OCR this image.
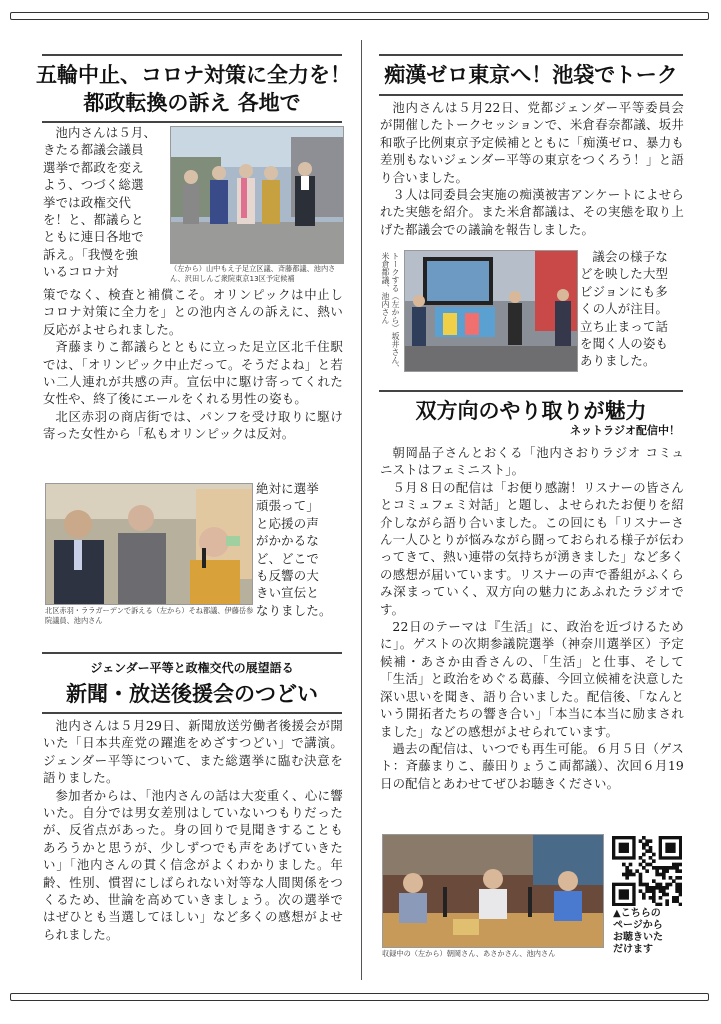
五輪中止、コロナ対策に全力を！
都政転換の訴え 各地で
池内さんは５月、
きたる都議会議員
選挙で都政を変え
よう、つづく総選
挙では政権交代
を！と、都議らと
ともに連日各地で
訴え。「我慢を強
いるコロナ対	（左から）山中もえ子足立区議、斉藤都議、池内さん、沢田しんご衆院東京13区予定候補

策でなく、検査と補償こそ。オリンピックは中止しコロナ対策に全力を」との池内さんの訴えに、熱い反応がよせられました。

斉藤まりこ都議らとともに立った足立区北千住駅では、「オリンピック中止だって。そうだよね」と若い二人連れが共感の声。宣伝中に駆け寄ってくれた女性や、終了後にエールをくれる男性の姿も。

北区赤羽の商店街では、パンフを受け取りに駆け寄った女性から「私もオリンピックは反対。

北区赤羽・ララガーデンで訴える（左から）そね都議、伊藤岳参院議員、池内さん
絶対に選挙
頑張って」
と応援の声
がかかるな
ど、どこで
も反響の大
きい宣伝と
なりました。
ジェンダー平等と政権交代の展望語る
新聞・放送後援会のつどい

池内さんは５月29日、新聞放送労働者後援会が開いた「日本共産党の躍進をめざすつどい」で講演。ジェンダー平等について、また総選挙に臨む決意を語りました。

参加者からは、「池内さんの話は大変重く、心に響いた。自分では男女差別はしていないつもりだったが、反省点があった。身の回りで見聞きすることもあろうかと思うが、少しずつでも声をあげていきたい」「池内さんの貫く信念がよくわかりました。年齢、性別、慣習にしばられない対等な人間関係をつくるため、世論を高めていきましょう。次の選挙ではぜひとも当選してほしい」など多くの感想がよせられました。

痴漢ゼロ東京へ！池袋でトーク

池内さんは５月22日、党都ジェンダー平等委員会が開催したトークセッションで、米倉春奈都議、坂井和歌子比例東京予定候補とともに「痴漢ゼロ、暴力も差別もないジェンダー平等の東京をつくろう！」と語り合いました。

３人は同委員会実施の痴漢被害アンケートによせられた実態を紹介。また米倉都議は、その実態を取り上げた都議会での議論を報告しました。

トークする（左から）坂井さん、米倉都議、池内さん	議会の様子な
どを映した大型
ビジョンにも多
くの人が注目。
立ち止まって話
を聞く人の姿も
ありました。
双方向のやり取りが魅力
ネットラジオ配信中！

朝岡晶子さんとおくる「池内さおりラジオ コミュニストはフェミニスト」。

５月８日の配信は「お便り感謝！リスナーの皆さんとコミュフェミ対話」と題し、よせられたお便りを紹介しながら語り合いました。この回にも「リスナーさん一人ひとりが悩みながら闘っておられる様子が伝わってきて、熱い連帯の気持ちが湧きました」など多くの感想が届いています。リスナーの声で番組がふくらみ深まっていく、双方向の魅力にあふれたラジオです。

22日のテーマは『生活』に、政治を近づけるために」。ゲストの次期参議院選挙（神奈川選挙区）予定候補・あさか由香さんの、「生活」と仕事、そして「生活」と政治をめぐる葛藤、今回立候補を決意した深い思いを聞き、語り合いました。配信後、「なんという開拓者たちの響き合い」「本当に本当に励まされました」などの感想がよせられています。

過去の配信は、いつでも再生可能。６月５日（ゲスト：斉藤まりこ、藤田りょうこ両都議）、次回６月19日の配信とあわせてぜひお聴きください。

収録中の（左から）朝岡さん、あさかさん、池内さん
▲こちらの
ページから
お聴きいた
だけます
